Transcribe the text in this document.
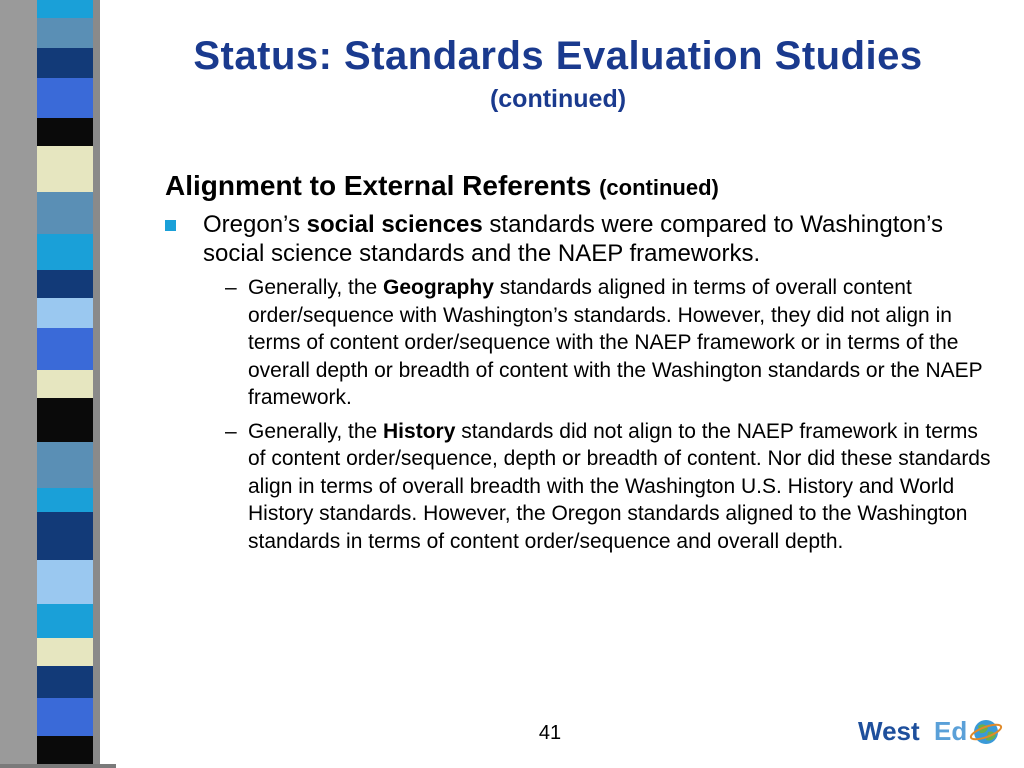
Status: Standards Evaluation Studies
(continued)
Alignment to External Referents (continued)
Oregon’s social sciences standards were compared to Washington’s social science standards and the NAEP frameworks.
– Generally, the Geography standards aligned in terms of overall content order/sequence with Washington’s standards. However, they did not align in terms of content order/sequence with the NAEP framework or in terms of the overall depth or breadth of content with the Washington standards or the NAEP framework.
– Generally, the History standards did not align to the NAEP framework in terms of content order/sequence, depth or breadth of content. Nor did these standards align in terms of overall breadth with the Washington U.S. History and World History standards. However, the Oregon standards aligned to the Washington standards in terms of content order/sequence and overall depth.
41	West Ed
